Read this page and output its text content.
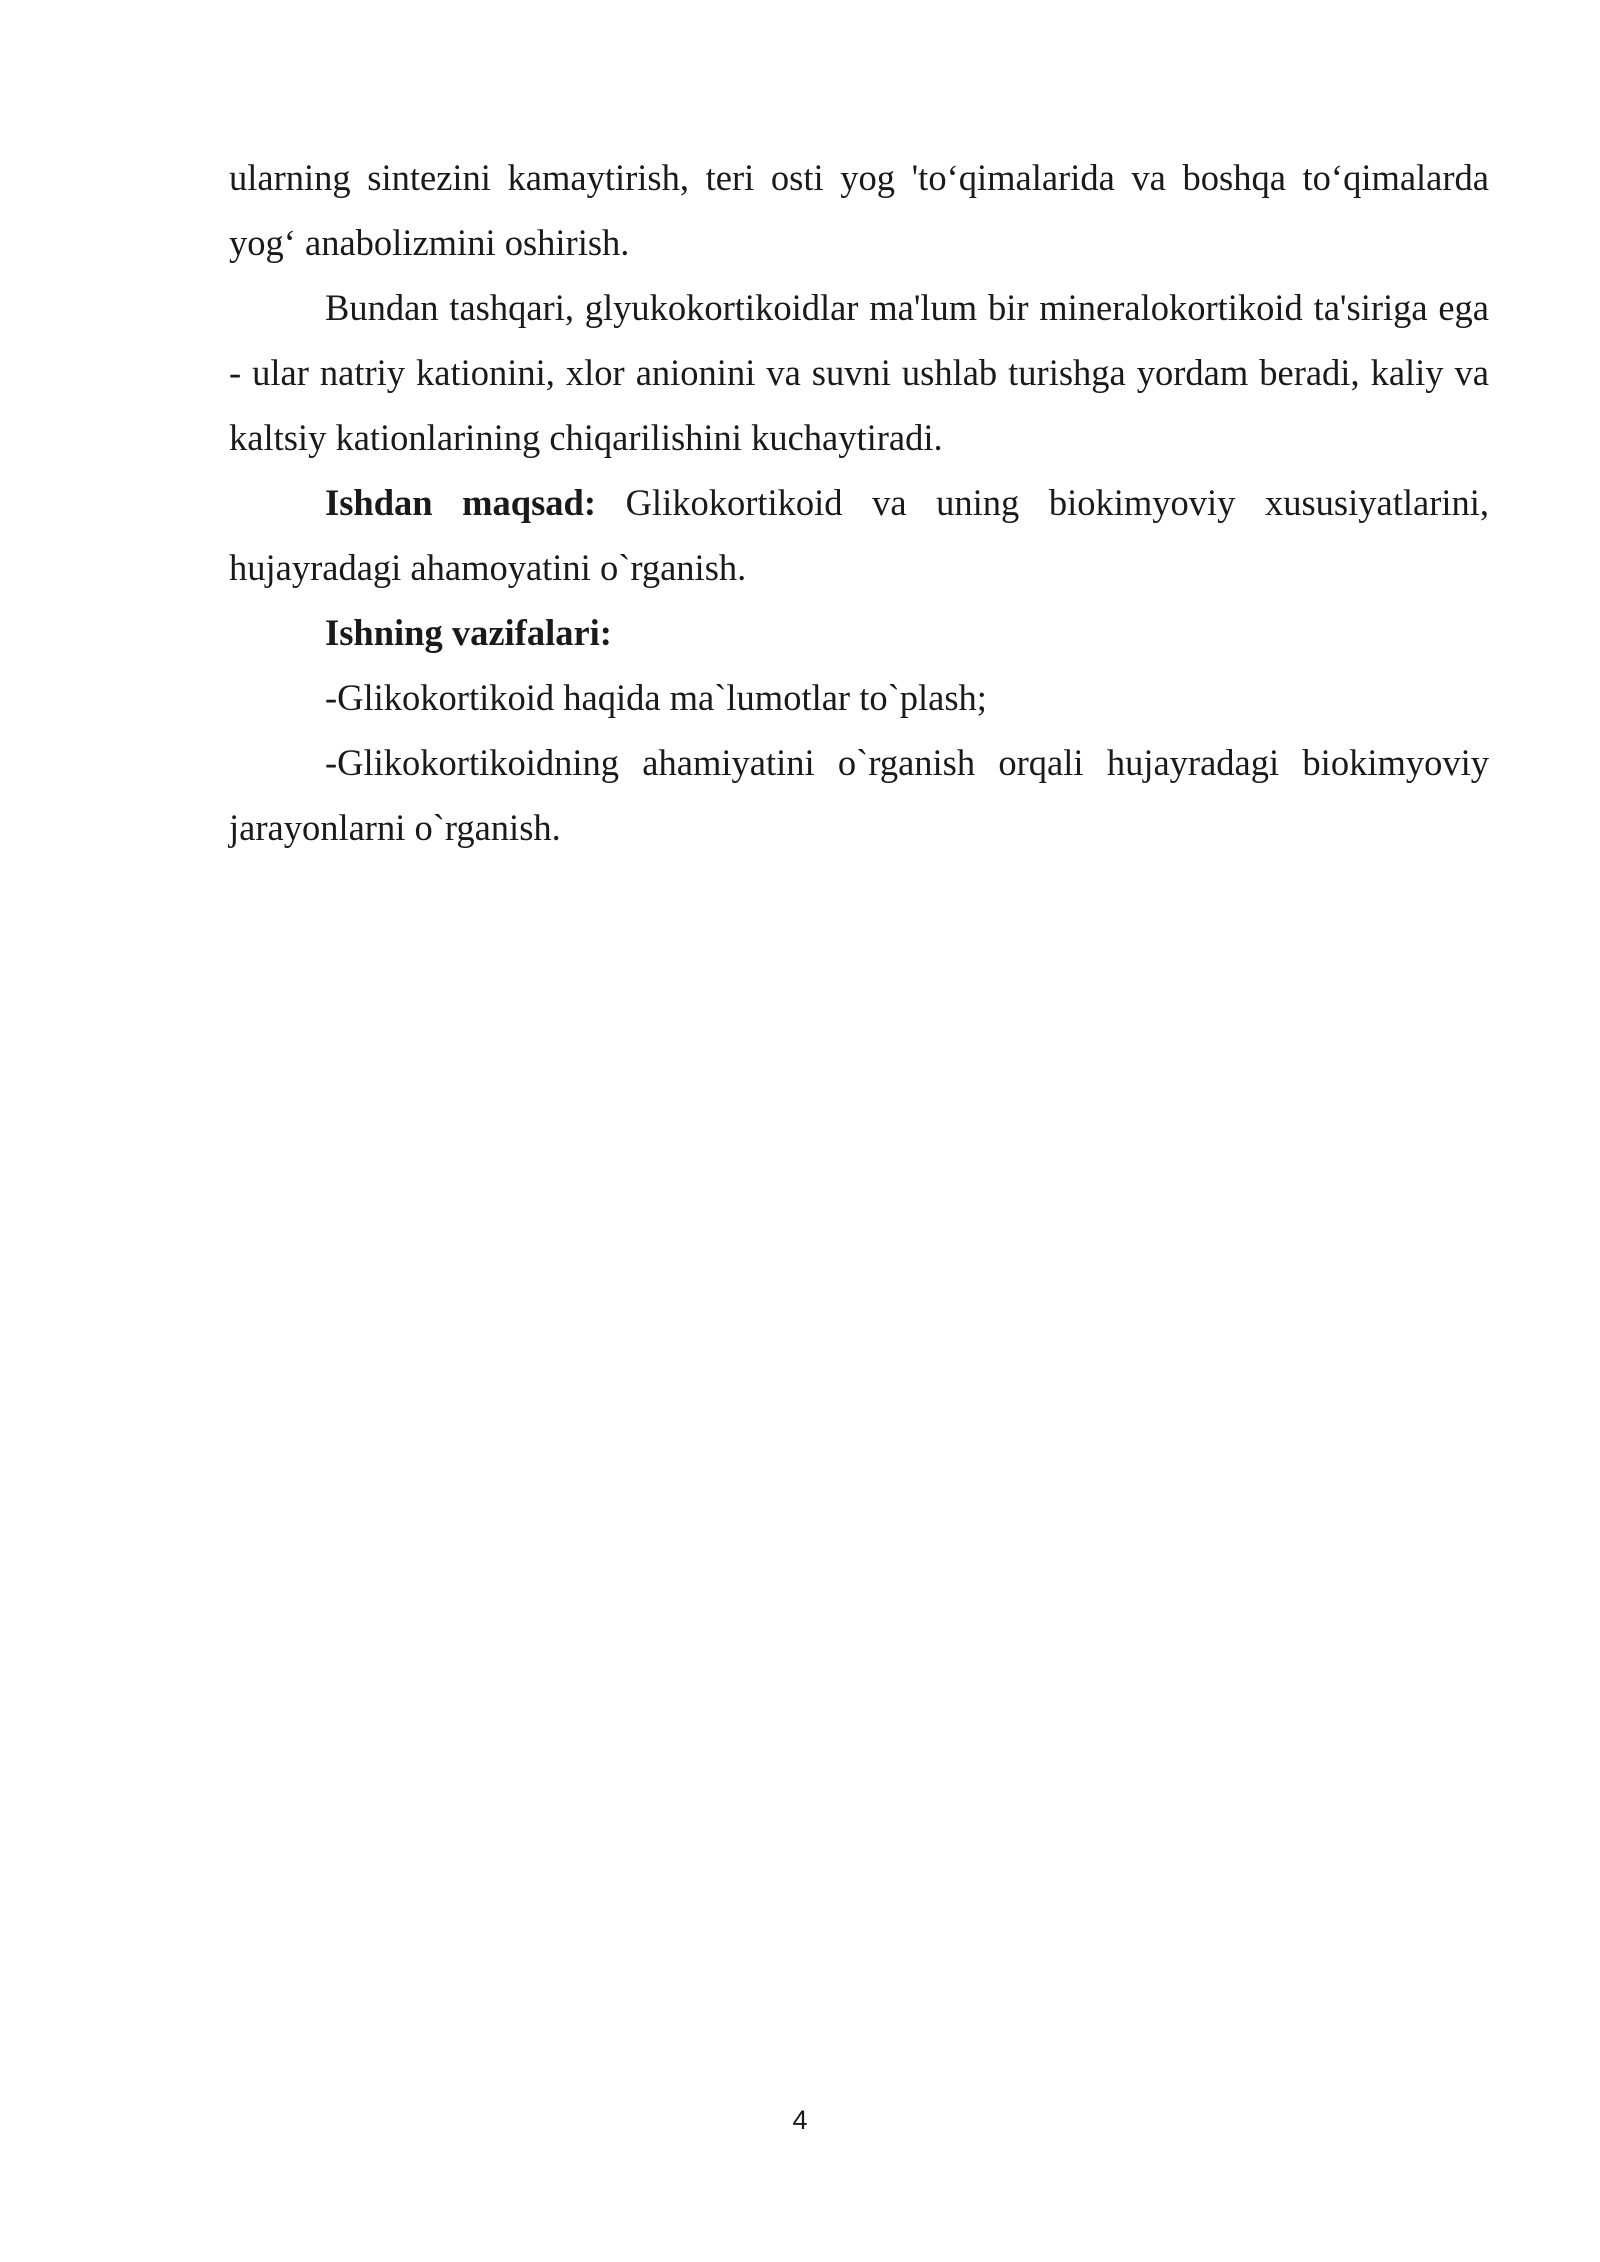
ularning sintezini kamaytirish, teri osti yog 'to‘qimalarida va boshqa to‘qimalarda yog‘ anabolizmini oshirish.

Bundan tashqari, glyukokortikoidlar ma'lum bir mineralokortikoid ta'siriga ega - ular natriy kationini, xlor anionini va suvni ushlab turishga yordam beradi, kaliy va kaltsiy kationlarining chiqarilishini kuchaytiradi.

Ishdan maqsad: Glikokortikoid va uning biokimyoviy xususiyatlarini, hujayradagi ahamoyatini o`rganish.

Ishning vazifalari:

-Glikokortikoid haqida ma`lumotlar to`plash;

-Glikokortikoidning ahamiyatini o`rganish orqali hujayradagi biokimyoviy jarayonlarni o`rganish.

4
